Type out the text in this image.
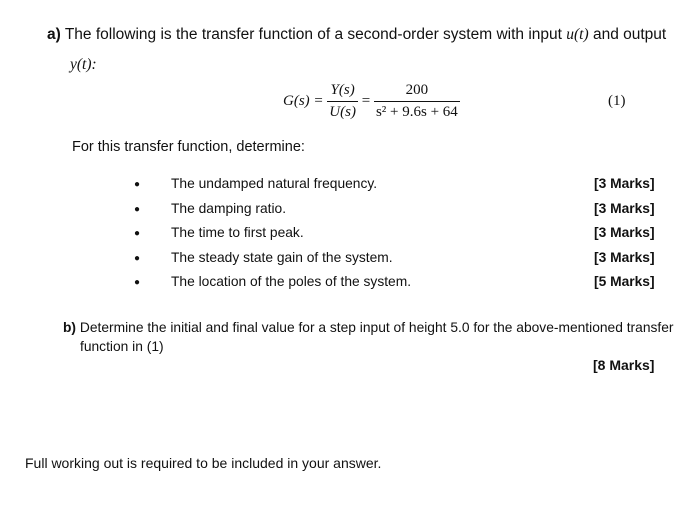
a) The following is the transfer function of a second-order system with input u(t) and output
y(t):
$G(s) = \frac{Y(s)}{U(s)} = \frac{200}{\text{s² + 9.6s + 64}}$	(1)
For this transfer function, determine:
● The undamped natural frequency.	[3 Marks]
● The damping ratio.	[3 Marks]
● The time to first peak.	[3 Marks]
● The steady state gain of the system.	[3 Marks]
● The location of the poles of the system.	[5 Marks]
b) Determine the initial and final value for a step input of height 5.0 for the above-mentioned transfer
function in (1)
[8 Marks]
Full working out is required to be included in your answer.
